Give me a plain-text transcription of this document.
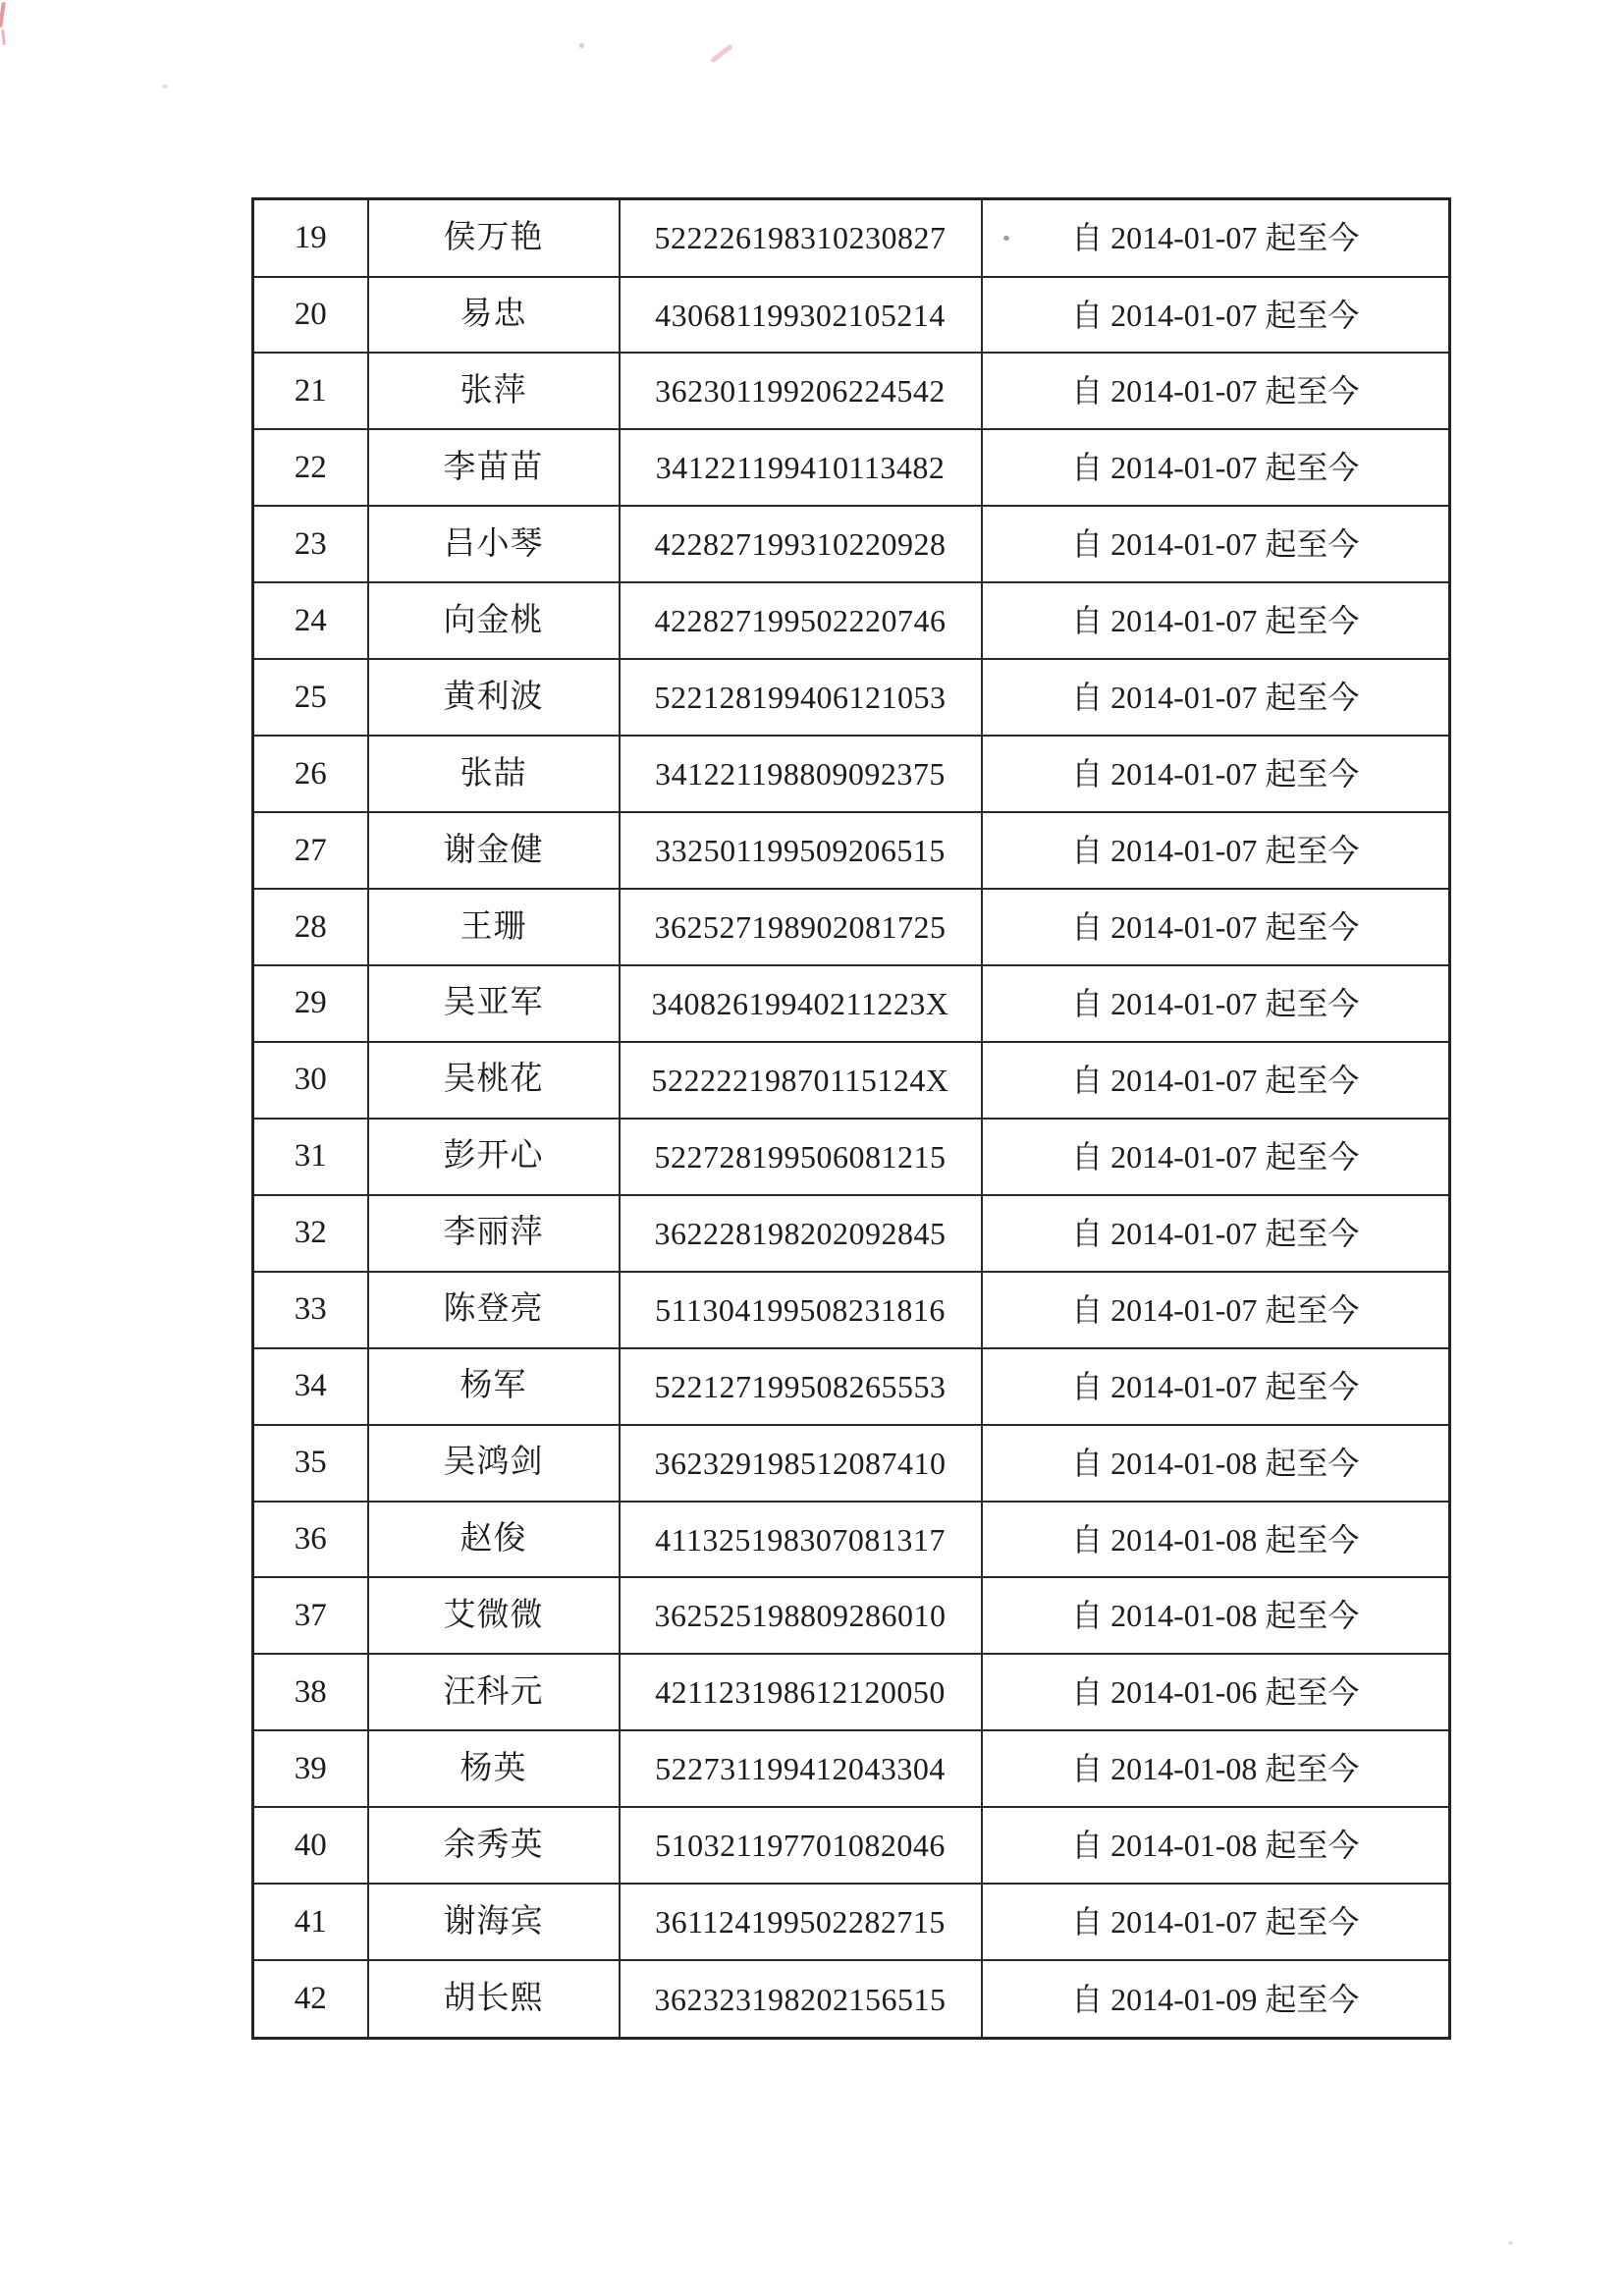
19	侯万艳	522226198310230827	自 2014-01-07 起至今
20	易忠	430681199302105214	自 2014-01-07 起至今
21	张萍	362301199206224542	自 2014-01-07 起至今
22	李苗苗	341221199410113482	自 2014-01-07 起至今
23	吕小琴	422827199310220928	自 2014-01-07 起至今
24	向金桃	422827199502220746	自 2014-01-07 起至今
25	黄利波	522128199406121053	自 2014-01-07 起至今
26	张喆	341221198809092375	自 2014-01-07 起至今
27	谢金健	332501199509206515	自 2014-01-07 起至今
28	王珊	362527198902081725	自 2014-01-07 起至今
29	吴亚军	34082619940211223X	自 2014-01-07 起至今
30	吴桃花	52222219870115124X	自 2014-01-07 起至今
31	彭开心	522728199506081215	自 2014-01-07 起至今
32	李丽萍	362228198202092845	自 2014-01-07 起至今
33	陈登亮	511304199508231816	自 2014-01-07 起至今
34	杨军	522127199508265553	自 2014-01-07 起至今
35	吴鸿剑	362329198512087410	自 2014-01-08 起至今
36	赵俊	411325198307081317	自 2014-01-08 起至今
37	艾微微	362525198809286010	自 2014-01-08 起至今
38	汪科元	421123198612120050	自 2014-01-06 起至今
39	杨英	522731199412043304	自 2014-01-08 起至今
40	余秀英	510321197701082046	自 2014-01-08 起至今
41	谢海宾	361124199502282715	自 2014-01-07 起至今
42	胡长熙	362323198202156515	自 2014-01-09 起至今
